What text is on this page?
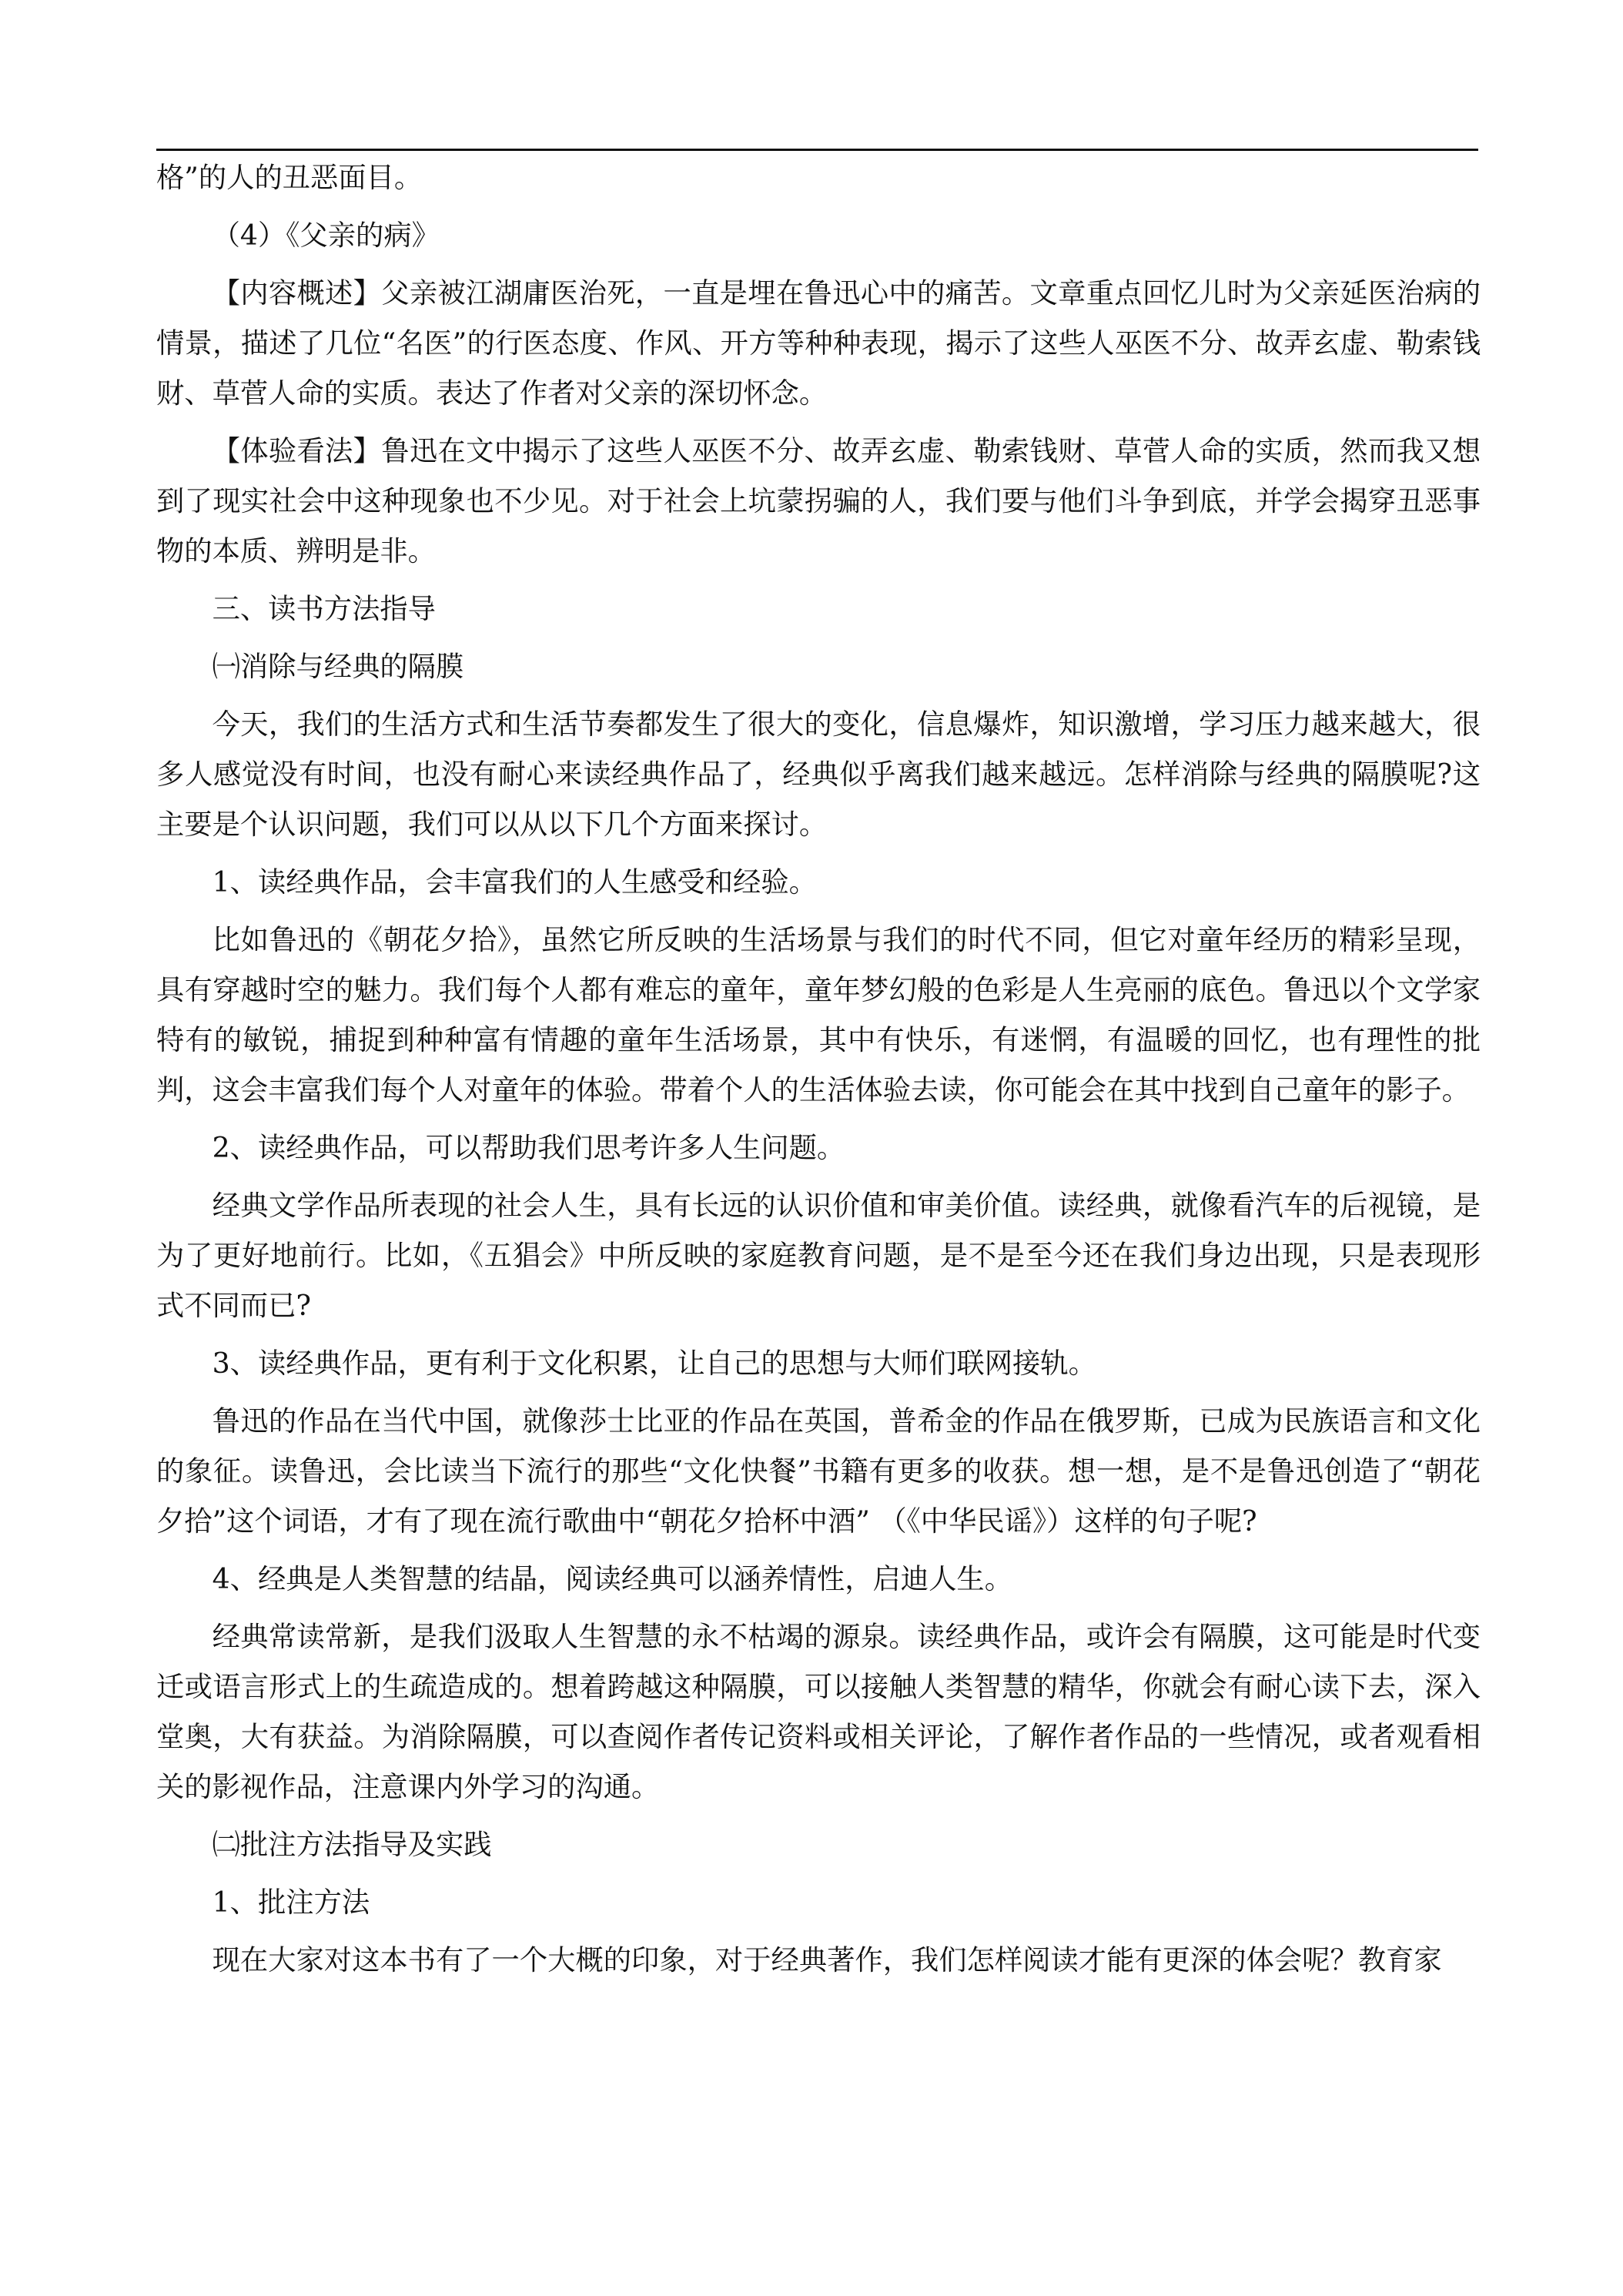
格”的人的丑恶面目。

（4）《父亲的病》

【内容概述】父亲被江湖庸医治死，一直是埋在鲁迅心中的痛苦。文章重点回忆儿时为父亲延医治病的情景，描述了几位“名医”的行医态度、作风、开方等种种表现，揭示了这些人巫医不分、故弄玄虚、勒索钱财、草菅人命的实质。表达了作者对父亲的深切怀念。

【体验看法】鲁迅在文中揭示了这些人巫医不分、故弄玄虚、勒索钱财、草菅人命的实质，然而我又想到了现实社会中这种现象也不少见。对于社会上坑蒙拐骗的人，我们要与他们斗争到底，并学会揭穿丑恶事物的本质、辨明是非。

三、读书方法指导

㈠消除与经典的隔膜

今天，我们的生活方式和生活节奏都发生了很大的变化，信息爆炸，知识激增，学习压力越来越大，很多人感觉没有时间，也没有耐心来读经典作品了，经典似乎离我们越来越远。怎样消除与经典的隔膜呢?这主要是个认识问题，我们可以从以下几个方面来探讨。

1、读经典作品，会丰富我们的人生感受和经验。

比如鲁迅的《朝花夕拾》，虽然它所反映的生活场景与我们的时代不同，但它对童年经历的精彩呈现，具有穿越时空的魅力。我们每个人都有难忘的童年，童年梦幻般的色彩是人生亮丽的底色。鲁迅以个文学家特有的敏锐，捕捉到种种富有情趣的童年生活场景，其中有快乐，有迷惘，有温暖的回忆，也有理性的批判，这会丰富我们每个人对童年的体验。带着个人的生活体验去读，你可能会在其中找到自己童年的影子。

2、读经典作品，可以帮助我们思考许多人生问题。

经典文学作品所表现的社会人生，具有长远的认识价值和审美价值。读经典，就像看汽车的后视镜，是为了更好地前行。比如，《五猖会》中所反映的家庭教育问题，是不是至今还在我们身边出现，只是表现形式不同而已?

3、读经典作品，更有利于文化积累，让自己的思想与大师们联网接轨。

鲁迅的作品在当代中国，就像莎士比亚的作品在英国，普希金的作品在俄罗斯，已成为民族语言和文化的象征。读鲁迅，会比读当下流行的那些“文化快餐”书籍有更多的收获。想一想，是不是鲁迅创造了“朝花夕拾”这个词语，才有了现在流行歌曲中“朝花夕拾杯中酒” （《中华民谣》）这样的句子呢?

4、经典是人类智慧的结晶，阅读经典可以涵养情性，启迪人生。

经典常读常新，是我们汲取人生智慧的永不枯竭的源泉。读经典作品，或许会有隔膜，这可能是时代变迁或语言形式上的生疏造成的。想着跨越这种隔膜，可以接触人类智慧的精华，你就会有耐心读下去，深入堂奥，大有获益。为消除隔膜，可以查阅作者传记资料或相关评论，了解作者作品的一些情况，或者观看相关的影视作品，注意课内外学习的沟通。

㈡批注方法指导及实践

1、批注方法

现在大家对这本书有了一个大概的印象，对于经典著作，我们怎样阅读才能有更深的体会呢？教育家
